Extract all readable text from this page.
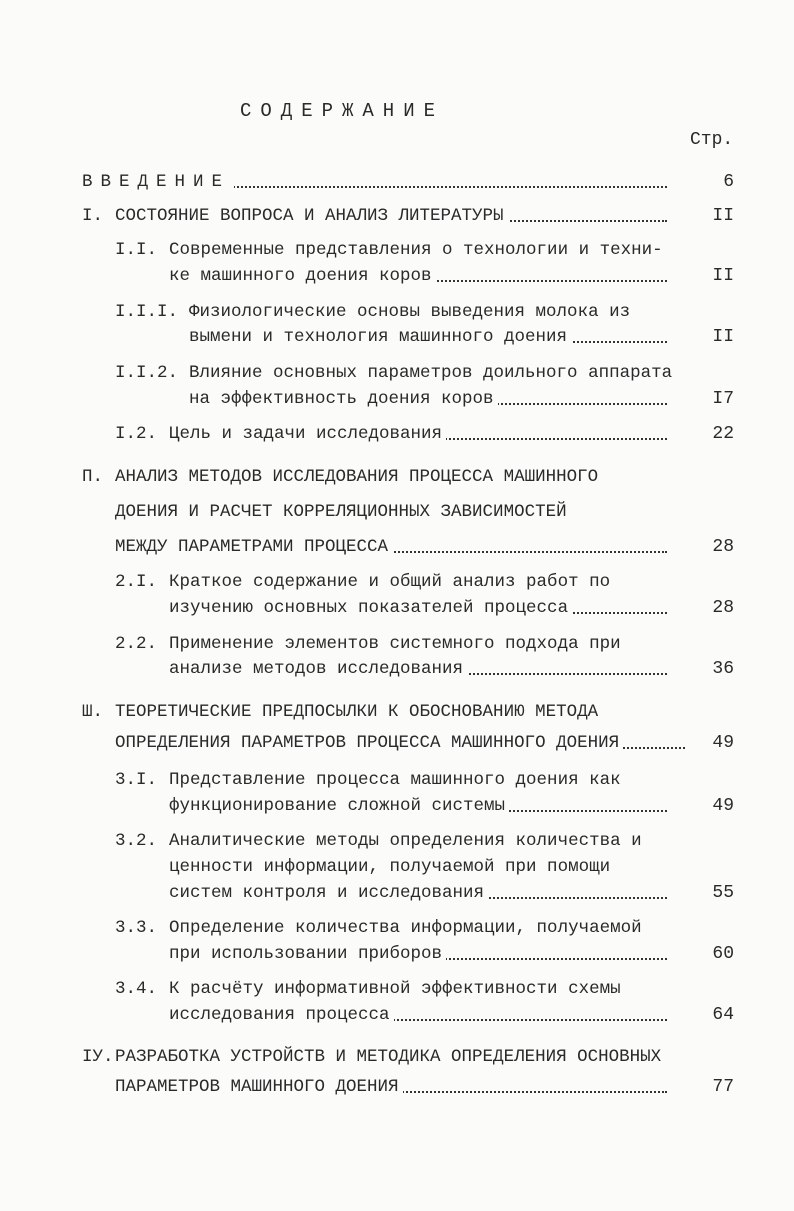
СОДЕРЖАНИЕ
Стр.
ВВЕДЕНИЕ	6
I. СОСТОЯНИЕ ВОПРОСА И АНАЛИЗ ЛИТЕРАТУРЫ	II
I.I. Современные представления о технологии и техни-
ке машинного доения коров	II
I.I.I. Физиологические основы выведения молока из
вымени и технология машинного доения	II
I.I.2. Влияние основных параметров доильного аппарата
на эффективность доения коров	I7
I.2. Цель и задачи исследования	22
П. АНАЛИЗ МЕТОДОВ ИССЛЕДОВАНИЯ ПРОЦЕССА МАШИННОГО
ДОЕНИЯ И РАСЧЕТ КОРРЕЛЯЦИОННЫХ ЗАВИСИМОСТЕЙ
МЕЖДУ ПАРАМЕТРАМИ ПРОЦЕССА	28
2.I. Краткое содержание и общий анализ работ по
изучению основных показателей процесса	28
2.2. Применение элементов системного подхода при
анализе методов исследования	36
Ш. ТЕОРЕТИЧЕСКИЕ ПРЕДПОСЫЛКИ К ОБОСНОВАНИЮ МЕТОДА
ОПРЕДЕЛЕНИЯ ПАРАМЕТРОВ ПРОЦЕССА МАШИННОГО ДОЕНИЯ	49
3.I. Представление процесса машинного доения как
функционирование сложной системы	49
3.2. Аналитические методы определения количества и
ценности информации, получаемой при помощи
систем контроля и исследования	55
3.3. Определение количества информации, получаемой
при использовании приборов	60
3.4. К расчёту информативной эффективности схемы
исследования процесса	64
IУ. РАЗРАБОТКА УСТРОЙСТВ И МЕТОДИКА ОПРЕДЕЛЕНИЯ ОСНОВНЫХ
ПАРАМЕТРОВ МАШИННОГО ДОЕНИЯ	77
